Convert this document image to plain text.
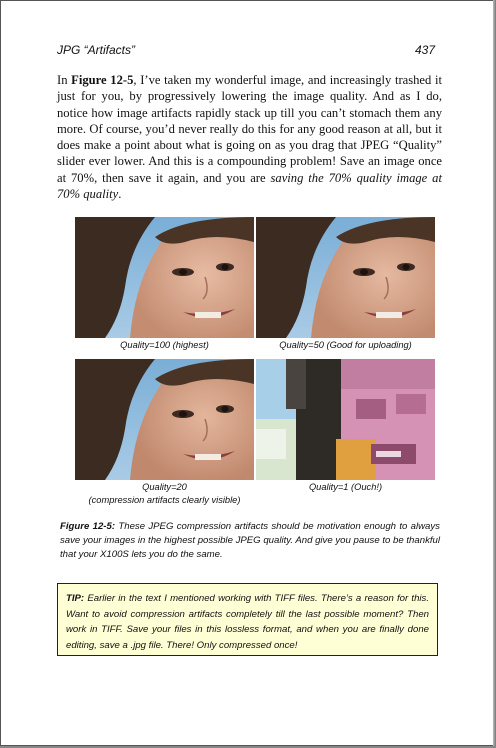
JPG “Artifacts”	437

In Figure 12-5, I’ve taken my wonderful image, and increasingly trashed it just for you, by progressively lowering the image quality. And as I do, notice how image artifacts rapidly stack up till you can’t stomach them any more. Of course, you’d never really do this for any good reason at all, but it does make a point about what is going on as you drag that JPEG “Quality” slider ever lower. And this is a compounding problem! Save an image once at 70%, then save it again, and you are saving the 70% quality image at 70% quality.

Quality=100 (highest)	Quality=50 (Good for uploading)
Quality=20
(compression artifacts clearly visible)
Quality=1 (Ouch!)

Figure 12-5: These JPEG compression artifacts should be motivation enough to always save your images in the highest possible JPEG quality. And give you pause to be thankful that your X100S lets you do the same.

TIP: Earlier in the text I mentioned working with TIFF files. There’s a reason for this. Want to avoid compression artifacts completely till the last possible moment? Then work in TIFF. Save your files in this lossless format, and when you are finally done editing, save a .jpg file. There! Only compressed once!
